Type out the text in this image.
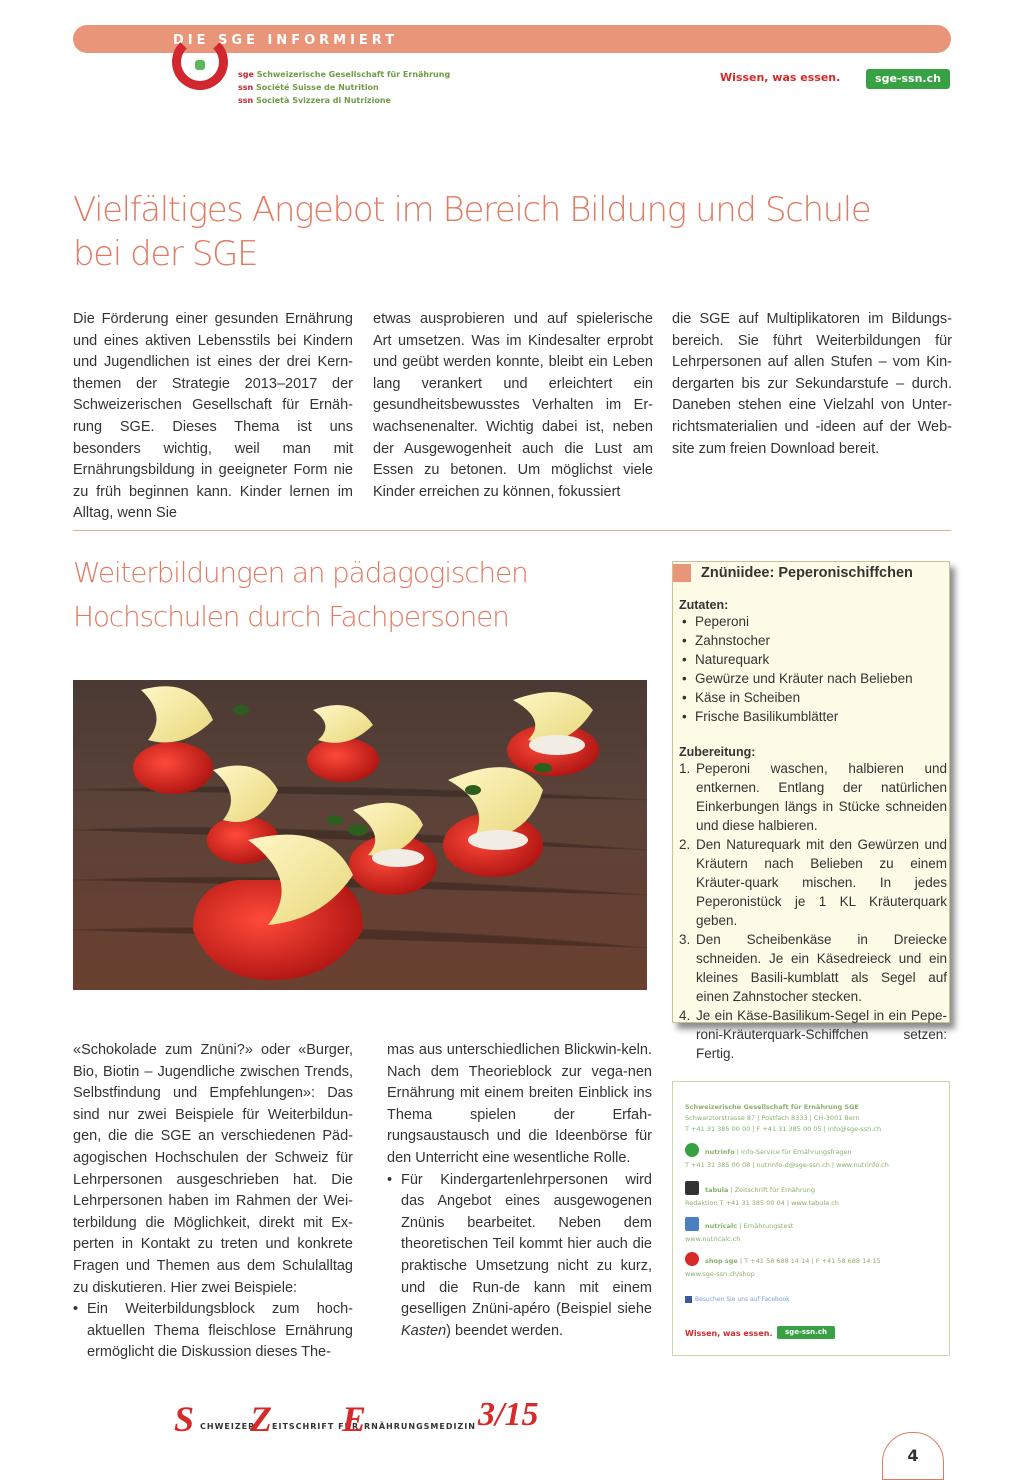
DIE SGE INFORMIERT
sge Schweizerische Gesellschaft für Ernährung
ssn Société Suisse de Nutrition
ssn Società Svizzera di Nutrizione
Wissen, was essen.	sge-ssn.ch
Vielfältiges Angebot im Bereich Bildung und Schule
bei der SGE

Die Förderung einer gesunden Ernährung und eines aktiven Lebensstils bei Kindern und Jugendlichen ist eines der drei Kern-themen der Strategie 2013–2017 der Schweizerischen Gesellschaft für Ernäh-rung SGE. Dieses Thema ist uns besonders wichtig, weil man mit Ernährungsbildung in geeigneter Form nie zu früh beginnen kann. Kinder lernen im Alltag, wenn Sie

etwas ausprobieren und auf spielerische Art umsetzen. Was im Kindesalter erprobt und geübt werden konnte, bleibt ein Leben lang verankert und erleichtert ein gesundheitsbewusstes Verhalten im Er-wachsenenalter. Wichtig dabei ist, neben der Ausgewogenheit auch die Lust am Essen zu betonen. Um möglichst viele Kinder erreichen zu können, fokussiert

die SGE auf Multiplikatoren im Bildungs-bereich. Sie führt Weiterbildungen für Lehrpersonen auf allen Stufen – vom Kin-dergarten bis zur Sekundarstufe – durch. Daneben stehen eine Vielzahl von Unter-richtsmaterialien und -ideen auf der Web-site zum freien Download bereit.

Weiterbildungen an pädagogischen
Hochschulen durch Fachpersonen
Znüniidee: Peperonischiffchen
Zutaten:
• Peperoni
• Zahnstocher
• Naturequark
• Gewürze und Kräuter nach Belieben
• Käse in Scheiben
• Frische Basilikumblätter
Zubereitung:
1. Peperoni waschen, halbieren und entkernen. Entlang der natürlichen Einkerbungen längs in Stücke schneiden und diese halbieren.
2. Den Naturequark mit den Gewürzen und Kräutern nach Belieben zu einem Kräuter-quark mischen. In jedes Peperonistück je 1 KL Kräuterquark geben.
3. Den Scheibenkäse in Dreiecke schneiden. Je ein Käsedreieck und ein kleines Basili-kumblatt als Segel auf einen Zahnstocher stecken.
4. Je ein Käse-Basilikum-Segel in ein Pepe-roni-Kräuterquark-Schiffchen setzen: Fertig.

«Schokolade zum Znüni?» oder «Burger, Bio, Biotin – Jugendliche zwischen Trends, Selbstfindung und Empfehlungen»: Das sind nur zwei Beispiele für Weiterbildun-gen, die die SGE an verschiedenen Päd-agogischen Hochschulen der Schweiz für Lehrpersonen ausgeschrieben hat. Die Lehrpersonen haben im Rahmen der Wei-terbildung die Möglichkeit, direkt mit Ex-perten in Kontakt zu treten und konkrete Fragen und Themen aus dem Schulalltag zu diskutieren. Hier zwei Beispiele:

• Ein Weiterbildungsblock zum hoch-aktuellen Thema fleischlose Ernährung ermöglicht die Diskussion dieses The-

mas aus unterschiedlichen Blickwin-keln. Nach dem Theorieblock zur vega-nen Ernährung mit einem breiten Einblick ins Thema spielen der Erfah-rungsaustausch und die Ideenbörse für den Unterricht eine wesentliche Rolle.

• Für Kindergartenlehrpersonen wird das Angebot eines ausgewogenen Znünis bearbeitet. Neben dem theoretischen Teil kommt hier auch die praktische Umsetzung nicht zu kurz, und die Run-de kann mit einem geselligen Znüni-apéro (Beispiel siehe Kasten) beendet werden.

Schweizerische Gesellschaft für Ernährung SGE
Schwarztorstrasse 87 | Postfach 8333 | CH-3001 Bern
T +41 31 385 00 00 | F +41 31 385 00 05 | info@sge-ssn.ch
nutrinfo | Info-Service für Ernährungsfragen
T +41 31 385 00 08 | nutrinfo-d@sge-ssn.ch | www.nutrinfo.ch
tabula | Zeitschrift für Ernährung
Redaktion T +41 31 385 00 04 | www.tabula.ch
nutricalc | Ernährungstest
www.nutricalc.ch
shop sge | T +41 58 688 14 14 | F +41 58 688 14 15
www.sge-ssn.ch/shop
Besuchen Sie uns auf Facebook
Wissen, was essen.	sge-ssn.ch
S CHWEIZER
Z EITSCHRIFT FÜR
E
RNÄHRUNGSMEDIZIN 3/15
4
